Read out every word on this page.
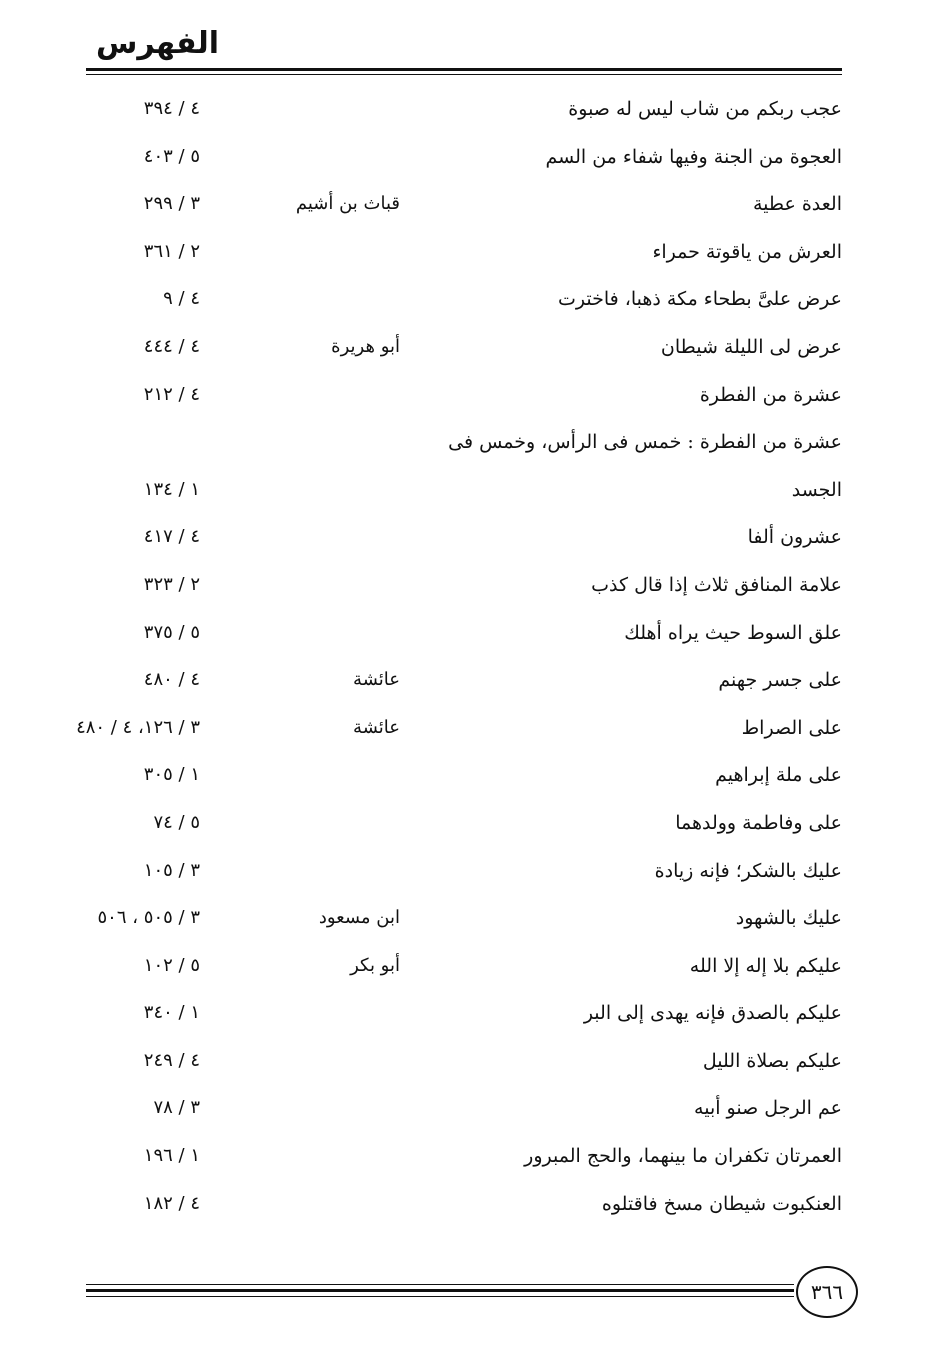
الفهرس
عجب ربكم من شاب ليس له صبوة
٤ / ٣٩٤
العجوة من الجنة وفيها شفاء من السم
٥ / ٤٠٣
العدة عطية
قباث بن أشيم
٣ / ٢٩٩
العرش من ياقوتة حمراء
٢ / ٣٦١
عرض علىَّ بطحاء مكة ذهبا، فاخترت
٤ / ٩
عرض لى الليلة شيطان
أبو هريرة
٤ / ٤٤٤
عشرة من الفطرة
٤ / ٢١٢
عشرة من الفطرة : خمس فى الرأس، وخمس فى
الجسد
١ / ١٣٤
عشرون ألفا
٤ / ٤١٧
علامة المنافق ثلاث إذا قال كذب
٢ / ٣٢٣
علق السوط حيث يراه أهلك
٥ / ٣٧٥
على جسر جهنم
عائشة
٤ / ٤٨٠
على الصراط
عائشة
٣ / ١٢٦، ٤ / ٤٨٠
على ملة إبراهيم
١ / ٣٠٥
على وفاطمة وولدهما
٥ / ٧٤
عليك بالشكر؛ فإنه زيادة
٣ / ١٠٥
عليك بالشهود
ابن مسعود
٣ / ٥٠٥ ، ٥٠٦
عليكم بلا إله إلا الله
أبو بكر
٥ / ١٠٢
عليكم بالصدق فإنه يهدى إلى البر
١ / ٣٤٠
عليكم بصلاة الليل
٤ / ٢٤٩
عم الرجل صنو أبيه
٣ / ٧٨
العمرتان تكفران ما بينهما، والحج المبرور
١ / ١٩٦
العنكبوت شيطان مسخ فاقتلوه
٤ / ١٨٢
٣٦٦
